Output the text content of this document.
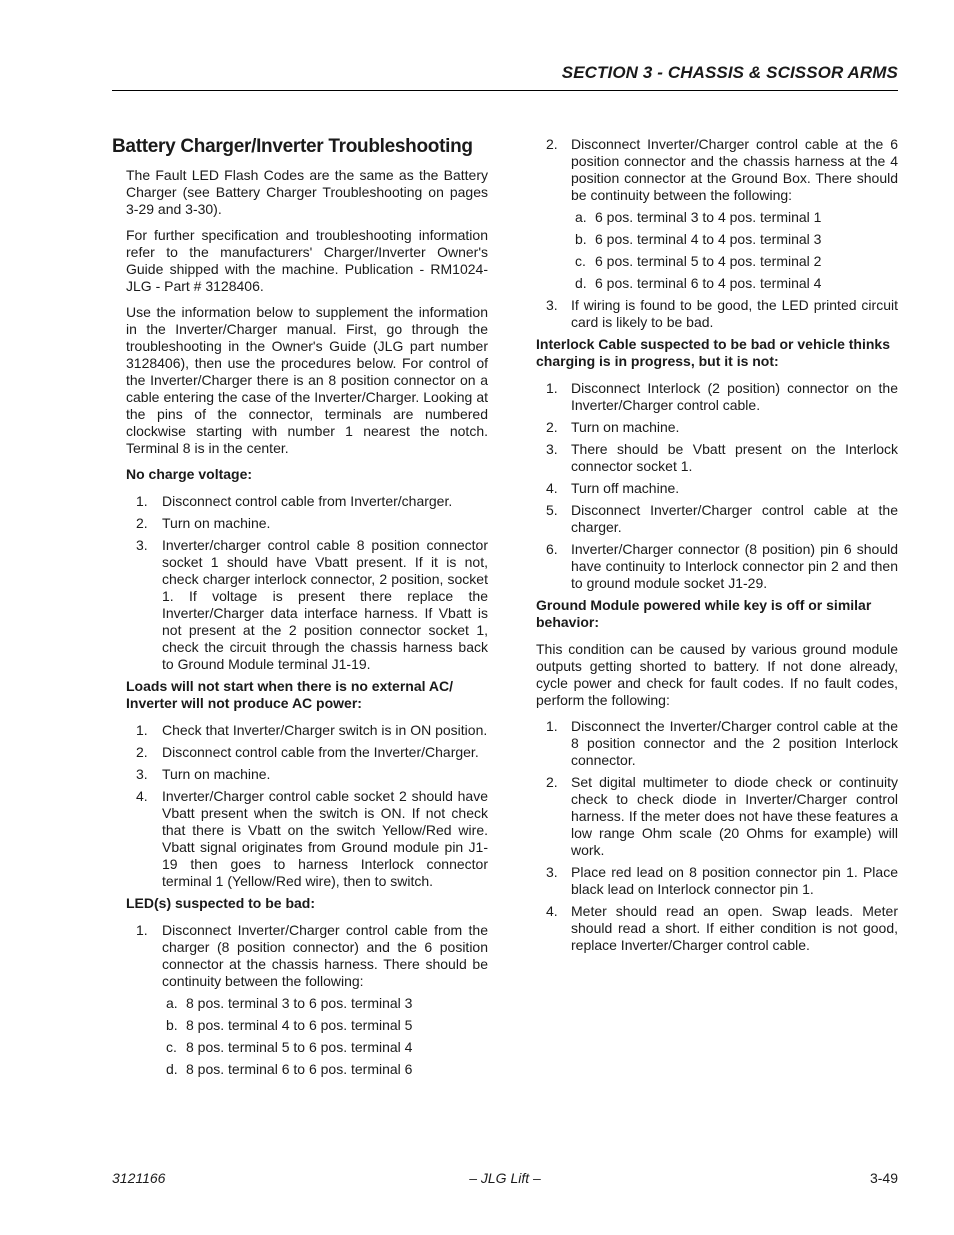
SECTION 3 - CHASSIS & SCISSOR ARMS
Battery Charger/Inverter Troubleshooting

The Fault LED Flash Codes are the same as the Battery Charger (see Battery Charger Troubleshooting on pages 3-29 and 3-30).

For further specification and troubleshooting information refer to the manufacturers' Charger/Inverter Owner's Guide shipped with the machine. Publication - RM1024-JLG - Part # 3128406.

Use the information below to supplement the information in the Inverter/Charger manual. First, go through the troubleshooting in the Owner's Guide (JLG part number 3128406), then use the procedures below. For control of the Inverter/Charger there is an 8 position connector on a cable entering the case of the Inverter/Charger. Looking at the pins of the connector, terminals are numbered clockwise starting with number 1 nearest the notch. Terminal 8 is in the center.

No charge voltage:
1. Disconnect control cable from Inverter/charger.
2. Turn on machine.
3. Inverter/charger control cable 8 position connector socket 1 should have Vbatt present. If it is not, check charger interlock connector, 2 position, socket 1. If voltage is present there replace the Inverter/Charger data interface harness. If Vbatt is not present at the 2 position connector socket 1, check the circuit through the chassis harness back to Ground Module terminal J1-19.
Loads will not start when there is no external AC/ Inverter will not produce AC power:
1. Check that Inverter/Charger switch is in ON position.
2. Disconnect control cable from the Inverter/Charger.
3. Turn on machine.
4. Inverter/Charger control cable socket 2 should have Vbatt present when the switch is ON. If not check that there is Vbatt on the switch Yellow/Red wire. Vbatt signal originates from Ground module pin J1-19 then goes to harness Interlock connector terminal 1 (Yellow/Red wire), then to switch.
LED(s) suspected to be bad:
1. Disconnect Inverter/Charger control cable from the charger (8 position connector) and the 6 position connector at the chassis harness. There should be continuity between the following:
a. 8 pos. terminal 3 to 6 pos. terminal 3
b. 8 pos. terminal 4 to 6 pos. terminal 5
c. 8 pos. terminal 5 to 6 pos. terminal 4
d. 8 pos. terminal 6 to 6 pos. terminal 6
2. Disconnect Inverter/Charger control cable at the 6 position connector and the chassis harness at the 4 position connector at the Ground Box. There should be continuity between the following:
a. 6 pos. terminal 3 to 4 pos. terminal 1
b. 6 pos. terminal 4 to 4 pos. terminal 3
c. 6 pos. terminal 5 to 4 pos. terminal 2
d. 6 pos. terminal 6 to 4 pos. terminal 4
3. If wiring is found to be good, the LED printed circuit card is likely to be bad.
Interlock Cable suspected to be bad or vehicle thinks charging is in progress, but it is not:
1. Disconnect Interlock (2 position) connector on the Inverter/Charger control cable.
2. Turn on machine.
3. There should be Vbatt present on the Interlock connector socket 1.
4. Turn off machine.
5. Disconnect Inverter/Charger control cable at the charger.
6. Inverter/Charger connector (8 position) pin 6 should have continuity to Interlock connector pin 2 and then to ground module socket J1-29.
Ground Module powered while key is off or similar behavior:

This condition can be caused by various ground module outputs getting shorted to battery. If not done already, cycle power and check for fault codes. If no fault codes, perform the following:

1. Disconnect the Inverter/Charger control cable at the 8 position connector and the 2 position Interlock connector.
2. Set digital multimeter to diode check or continuity check to check diode in Inverter/Charger control harness. If the meter does not have these features a low range Ohm scale (20 Ohms for example) will work.
3. Place red lead on 8 position connector pin 1. Place black lead on Interlock connector pin 1.
4. Meter should read an open. Swap leads. Meter should read a short. If either condition is not good, replace Inverter/Charger control cable.
3121166	– JLG Lift –	3-49
